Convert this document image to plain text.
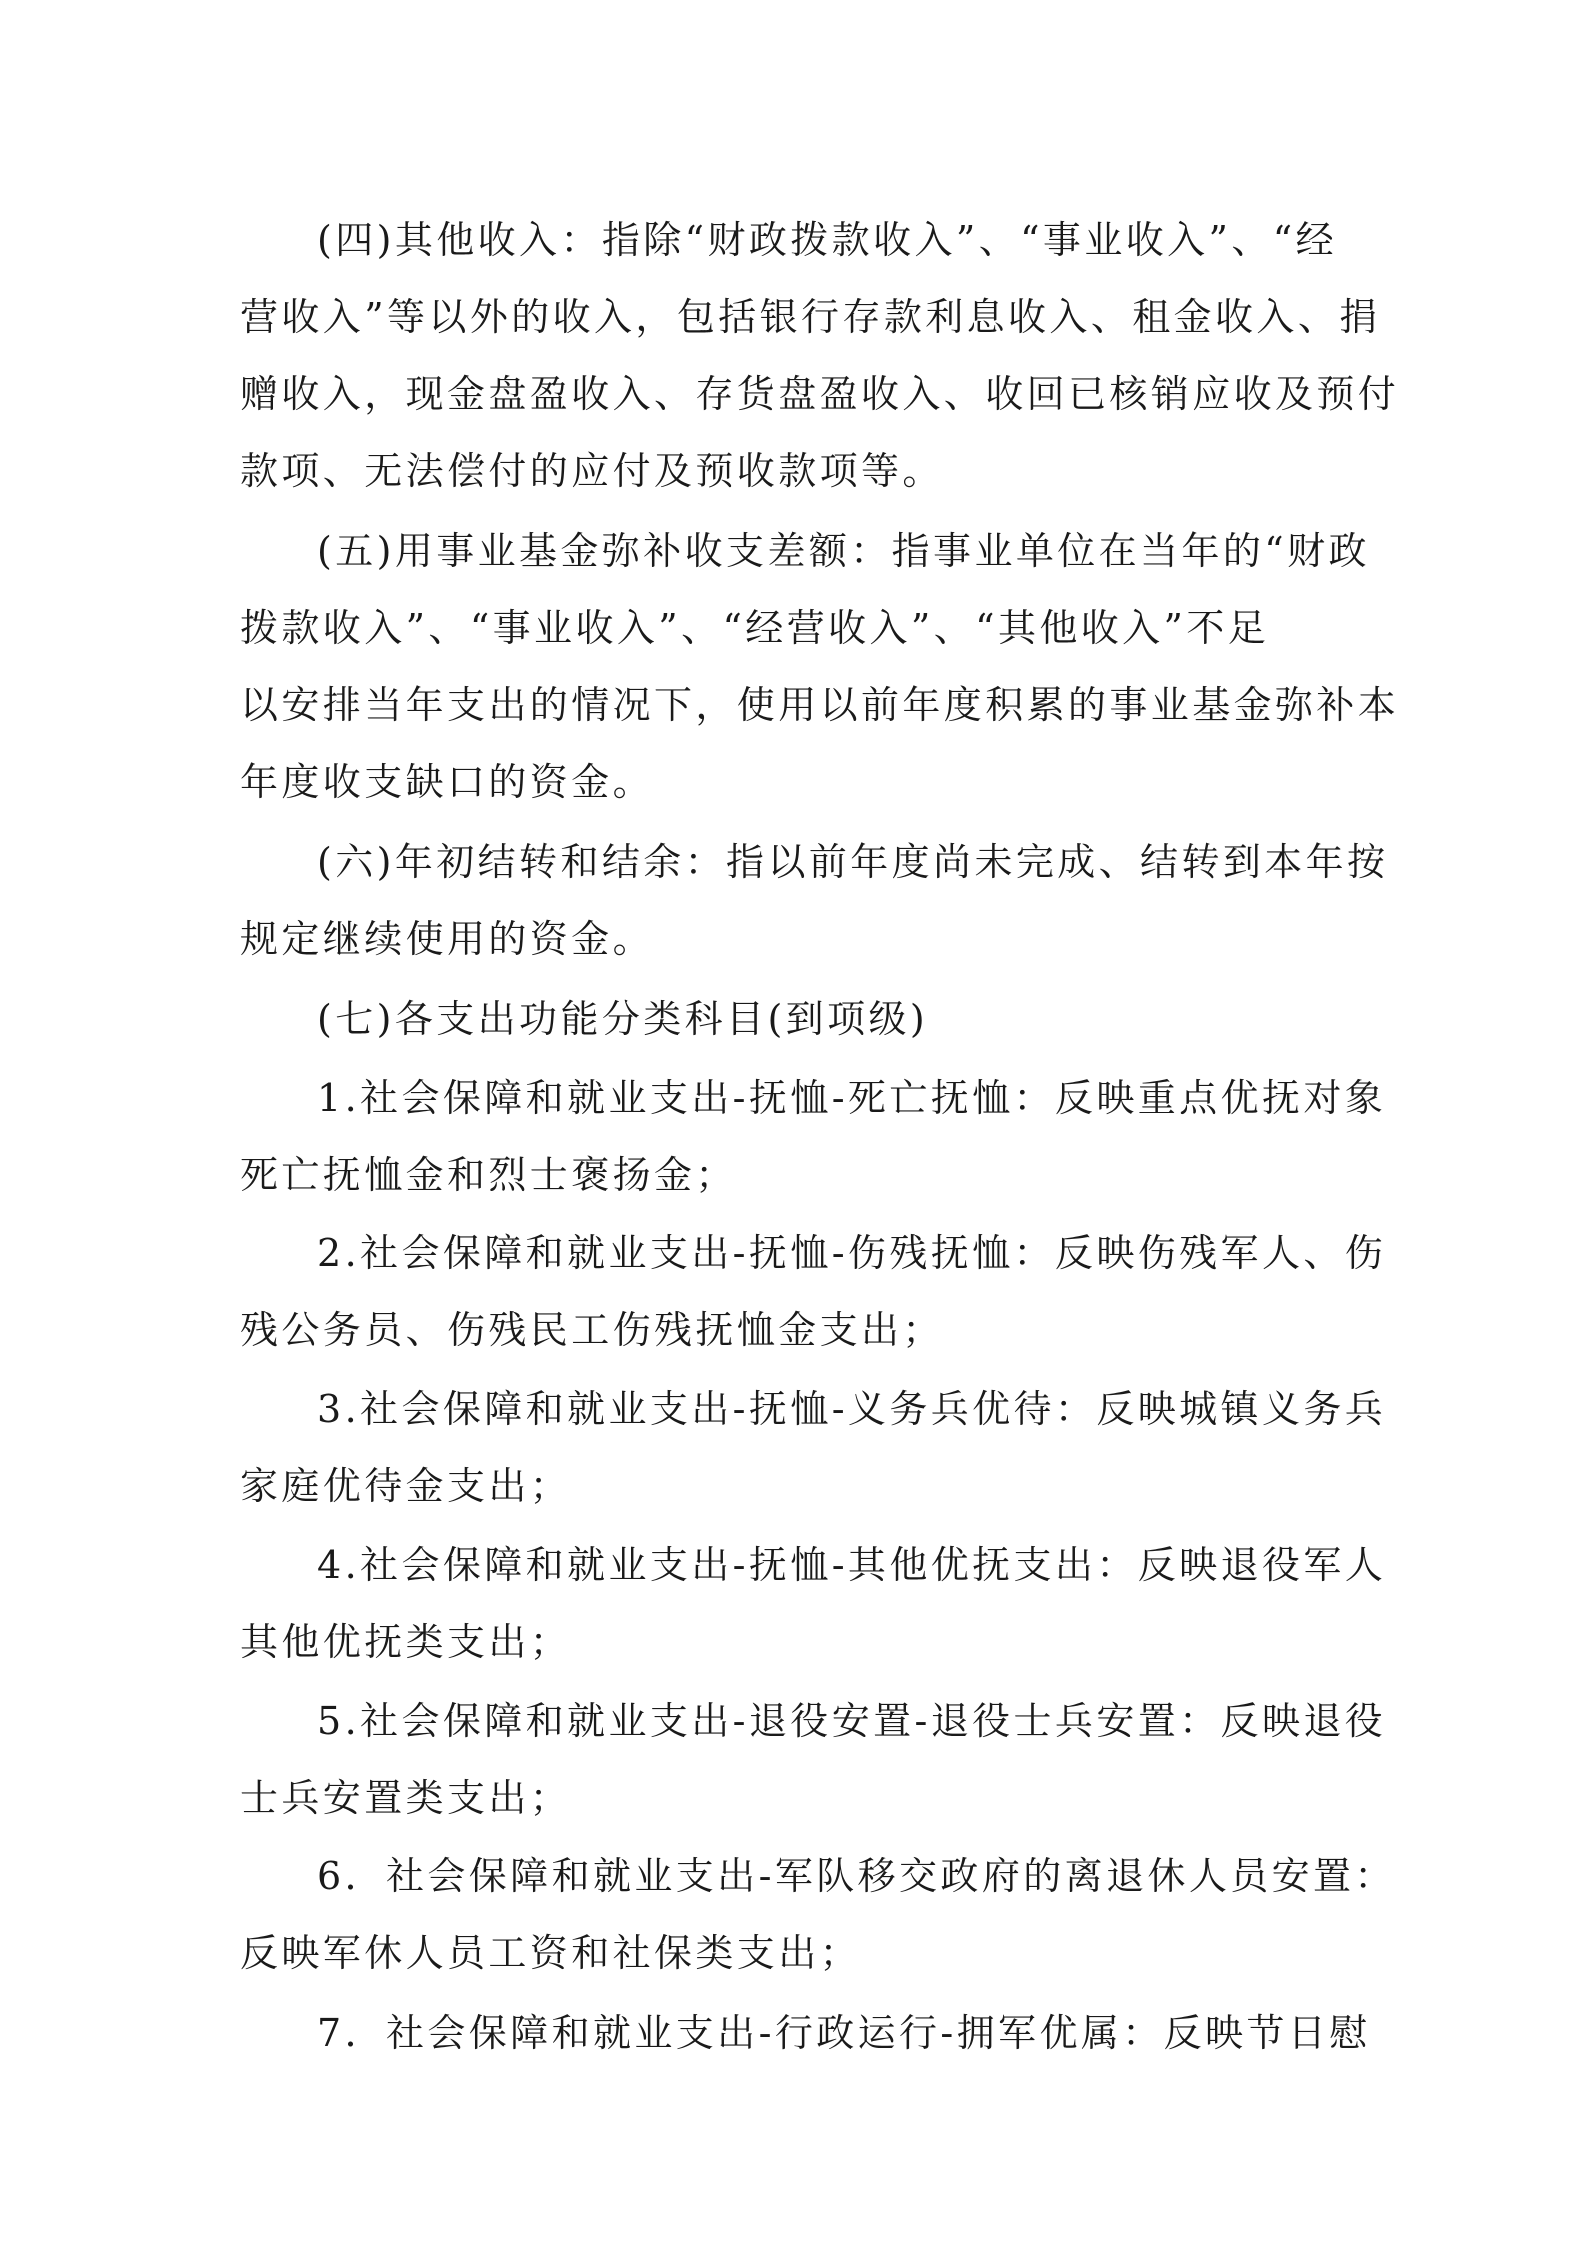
(四)其他收入：指除“财政拨款收入”、“事业收入”、“经
营收入”等以外的收入，包括银行存款利息收入、租金收入、捐
赠收入，现金盘盈收入、存货盘盈收入、收回已核销应收及预付
款项、无法偿付的应付及预收款项等。
(五)用事业基金弥补收支差额：指事业单位在当年的“财政
拨款收入”、“事业收入”、“经营收入”、“其他收入”不足
以安排当年支出的情况下，使用以前年度积累的事业基金弥补本
年度收支缺口的资金。
(六)年初结转和结余：指以前年度尚未完成、结转到本年按
规定继续使用的资金。
(七)各支出功能分类科目(到项级)
1.社会保障和就业支出-抚恤-死亡抚恤：反映重点优抚对象
死亡抚恤金和烈士褒扬金；
2.社会保障和就业支出-抚恤-伤残抚恤：反映伤残军人、伤
残公务员、伤残民工伤残抚恤金支出；
3.社会保障和就业支出-抚恤-义务兵优待：反映城镇义务兵
家庭优待金支出；
4.社会保障和就业支出-抚恤-其他优抚支出：反映退役军人
其他优抚类支出；
5.社会保障和就业支出-退役安置-退役士兵安置：反映退役
士兵安置类支出；
6．社会保障和就业支出-军队移交政府的离退休人员安置：
反映军休人员工资和社保类支出；
7．社会保障和就业支出-行政运行-拥军优属：反映节日慰
